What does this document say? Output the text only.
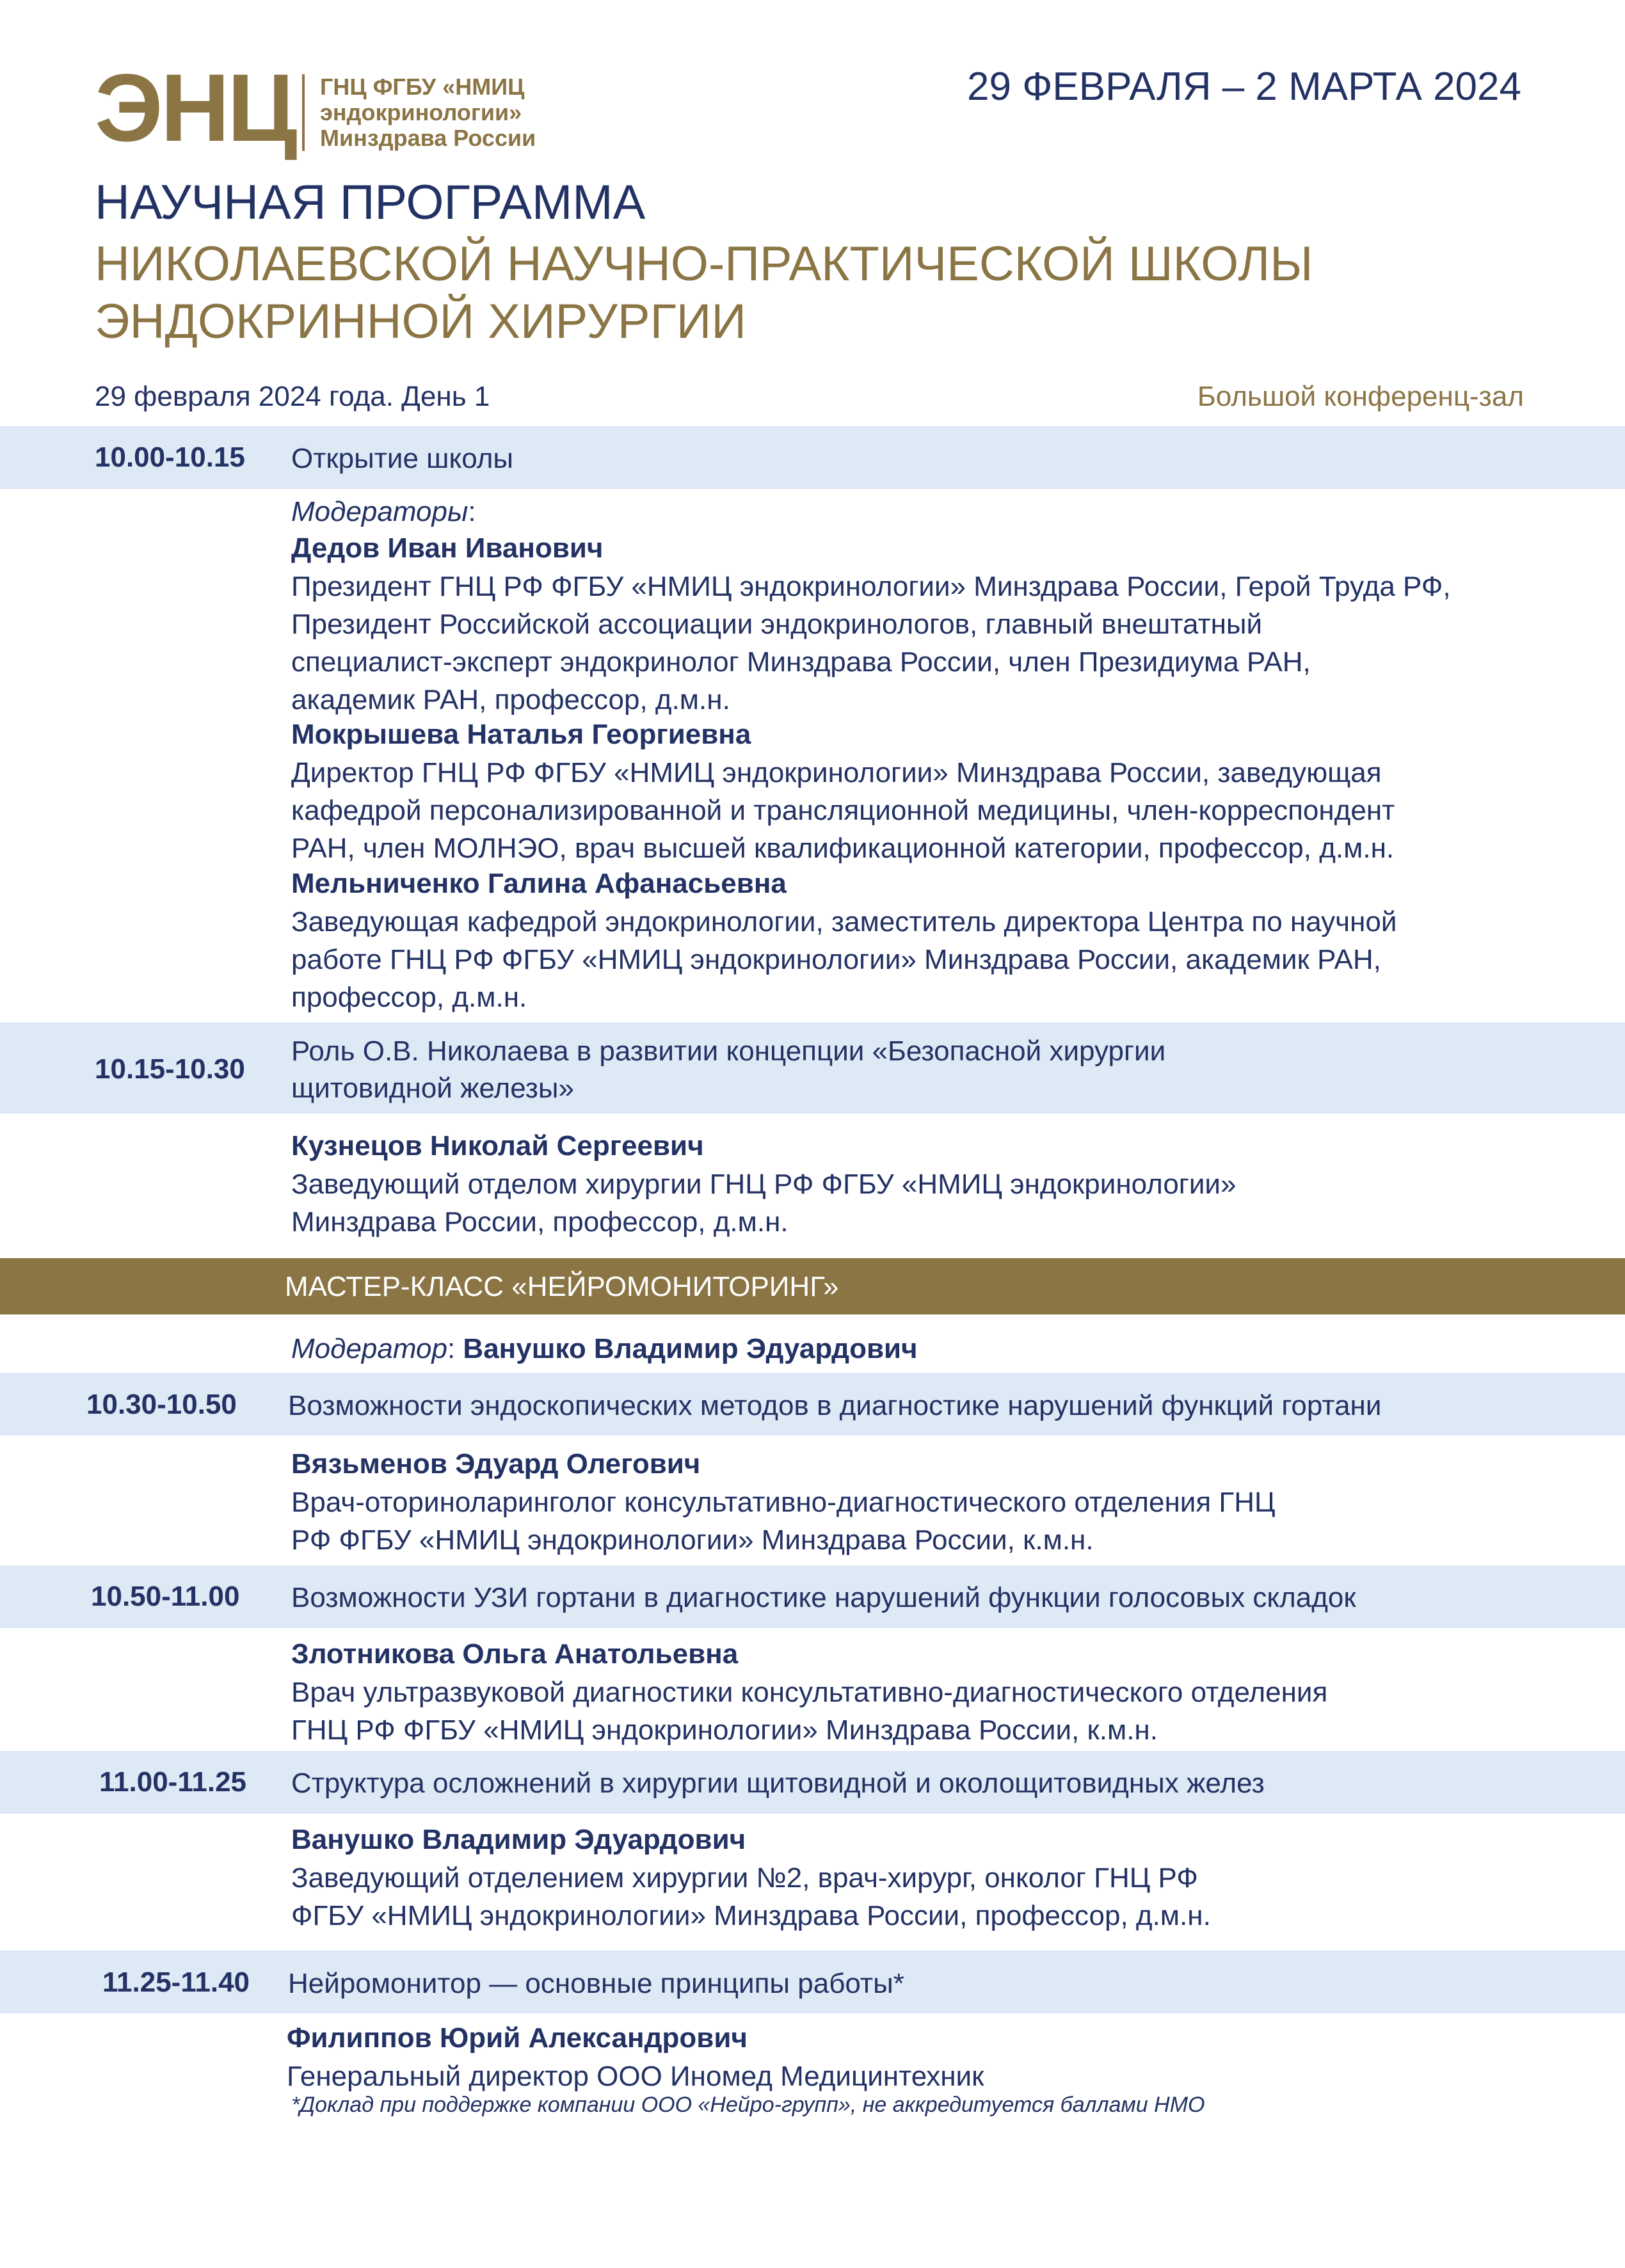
ЭНЦ ГНЦ ФГБУ «НМИЦ
эндокринологии»
Минздрава России
29 ФЕВРАЛЯ – 2 МАРТА 2024
НАУЧНАЯ ПРОГРАММА
НИКОЛАЕВСКОЙ НАУЧНО-ПРАКТИЧЕСКОЙ ШКОЛЫ
ЭНДОКРИННОЙ ХИРУРГИИ
29 февраля 2024 года. День 1	Большой конференц-зал
10.00-10.15 Открытие школы
Модераторы:
Дедов Иван Иванович
Президент ГНЦ РФ ФГБУ «НМИЦ эндокринологии» Минздрава России, Герой Труда РФ,
Президент Российской ассоциации эндокринологов, главный внештатный
специалист-эксперт эндокринолог Минздрава России, член Президиума РАН,
академик РАН, профессор, д.м.н.
Мокрышева Наталья Георгиевна
Директор ГНЦ РФ ФГБУ «НМИЦ эндокринологии» Минздрава России, заведующая
кафедрой персонализированной и трансляционной медицины, член-корреспондент
РАН, член МОЛНЭО, врач высшей квалификационной категории, профессор, д.м.н.
Мельниченко Галина Афанасьевна
Заведующая кафедрой эндокринологии, заместитель директора Центра по научной
работе ГНЦ РФ ФГБУ «НМИЦ эндокринологии» Минздрава России, академик РАН,
профессор, д.м.н.
10.15-10.30
Роль О.В. Николаева в развитии концепции «Безопасной хирургии
щитовидной железы»
Кузнецов Николай Сергеевич
Заведующий отделом хирургии ГНЦ РФ ФГБУ «НМИЦ эндокринологии»
Минздрава России, профессор, д.м.н.
МАСТЕР-КЛАСС «НЕЙРОМОНИТОРИНГ»
Модератор: Ванушко Владимир Эдуардович
10.30-10.50 Возможности эндоскопических методов в диагностике нарушений функций гортани
Вязьменов Эдуард Олегович
Врач-оториноларинголог консультативно-диагностического отделения ГНЦ
РФ ФГБУ «НМИЦ эндокринологии» Минздрава России, к.м.н.
10.50-11.00 Возможности УЗИ гортани в диагностике нарушений функции голосовых складок
Злотникова Ольга Анатольевна
Врач ультразвуковой диагностики консультативно-диагностического отделения
ГНЦ РФ ФГБУ «НМИЦ эндокринологии» Минздрава России, к.м.н.
11.00-11.25 Структура осложнений в хирургии щитовидной и околощитовидных желез
Ванушко Владимир Эдуардович
Заведующий отделением хирургии №2, врач-хирург, онколог ГНЦ РФ
ФГБУ «НМИЦ эндокринологии» Минздрава России, профессор, д.м.н.
11.25-11.40 Нейромонитор — основные принципы работы*
Филиппов Юрий Александрович
Генеральный директор ООО Иномед Медицинтехник
*Доклад при поддержке компании ООО «Нейро-групп», не аккредитуется баллами НМО
